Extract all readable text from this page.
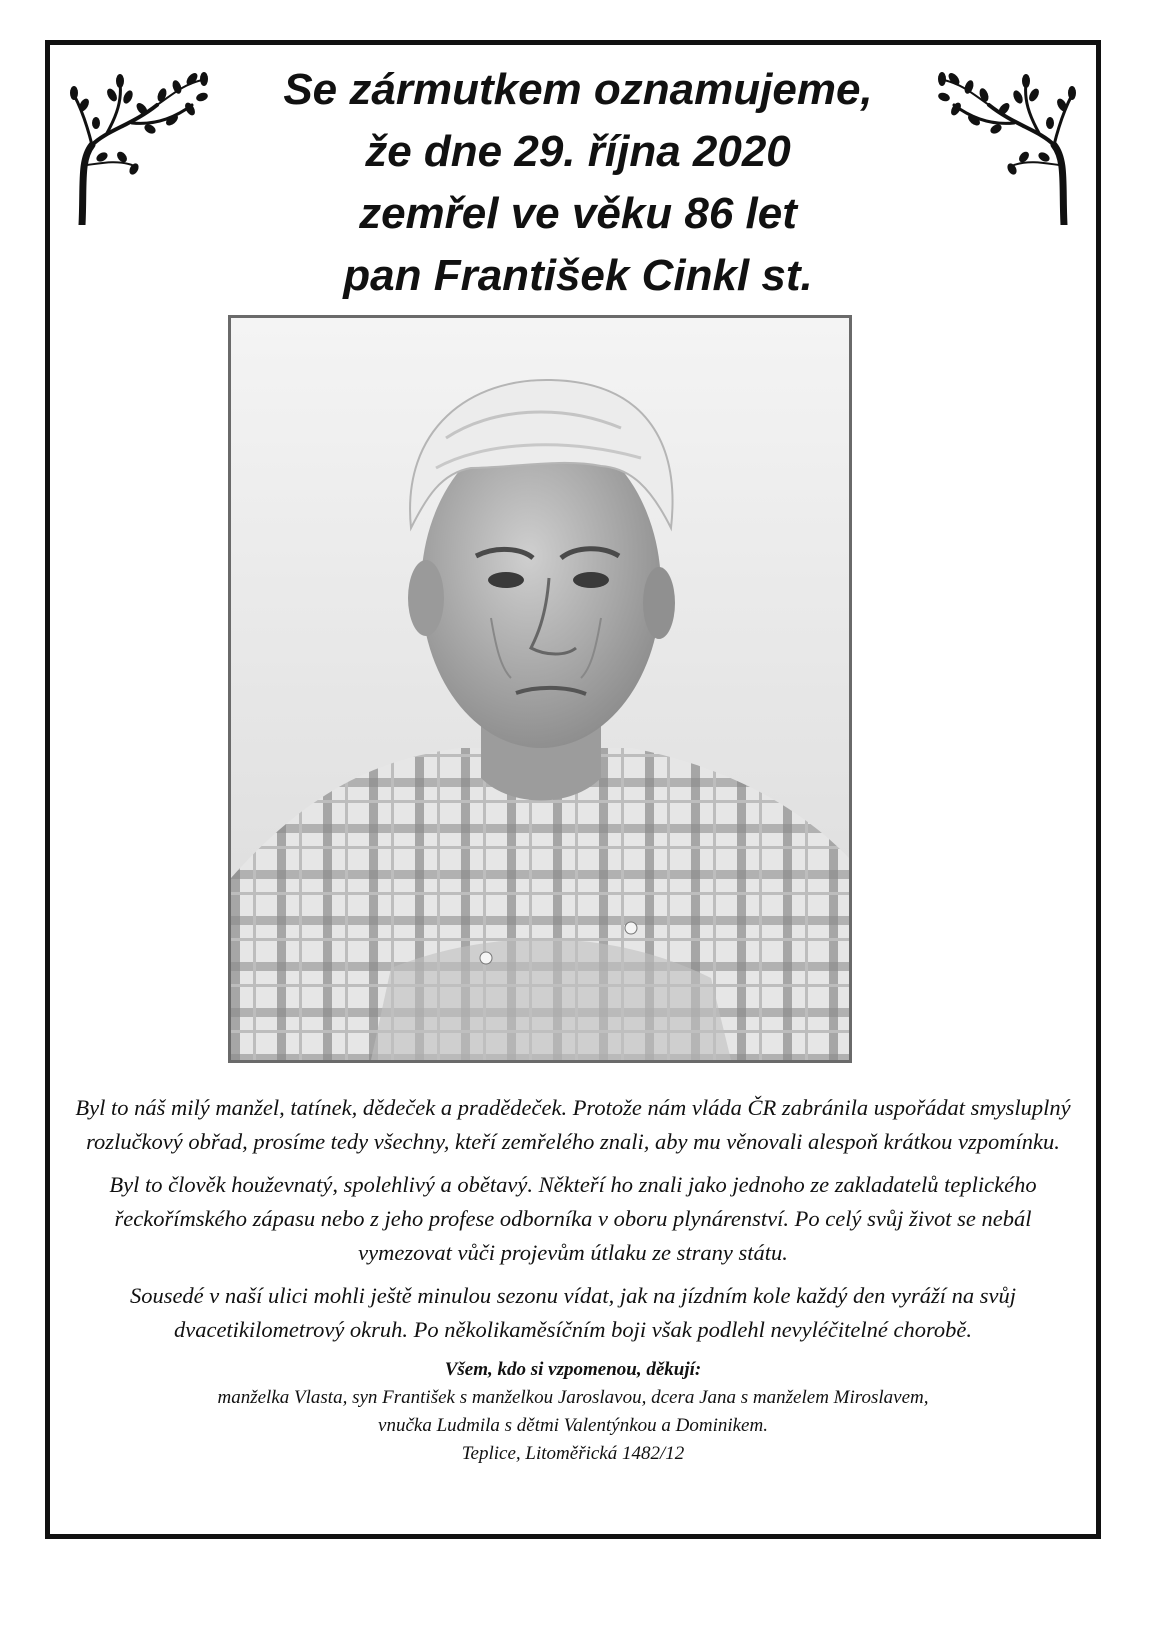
Se zármutkem oznamujeme,
že dne 29. října 2020
zemřel ve věku 86 let
pan František Cinkl st.

Byl to náš milý manžel, tatínek, dědeček a pradědeček. Protože nám vláda ČR zabránila uspořádat smysluplný rozlučkový obřad, prosíme tedy všechny, kteří zemřelého znali, aby mu věnovali alespoň krátkou vzpomínku.

Byl to člověk houževnatý, spolehlivý a obětavý. Někteří ho znali jako jednoho ze zakladatelů teplického řeckořímského zápasu nebo z jeho profese odborníka v oboru plynárenství. Po celý svůj život se nebál vymezovat vůči projevům útlaku ze strany státu.

Sousedé v naší ulici mohli ještě minulou sezonu vídat, jak na jízdním kole každý den vyráží na svůj dvacetikilometrový okruh. Po několikaměsíčním boji však podlehl nevyléčitelné chorobě.

Všem, kdo si vzpomenou, děkují:
manželka Vlasta, syn František s manželkou Jaroslavou, dcera Jana s manželem Miroslavem,
vnučka Ludmila s dětmi Valentýnkou a Dominikem.
Teplice, Litoměřická 1482/12
